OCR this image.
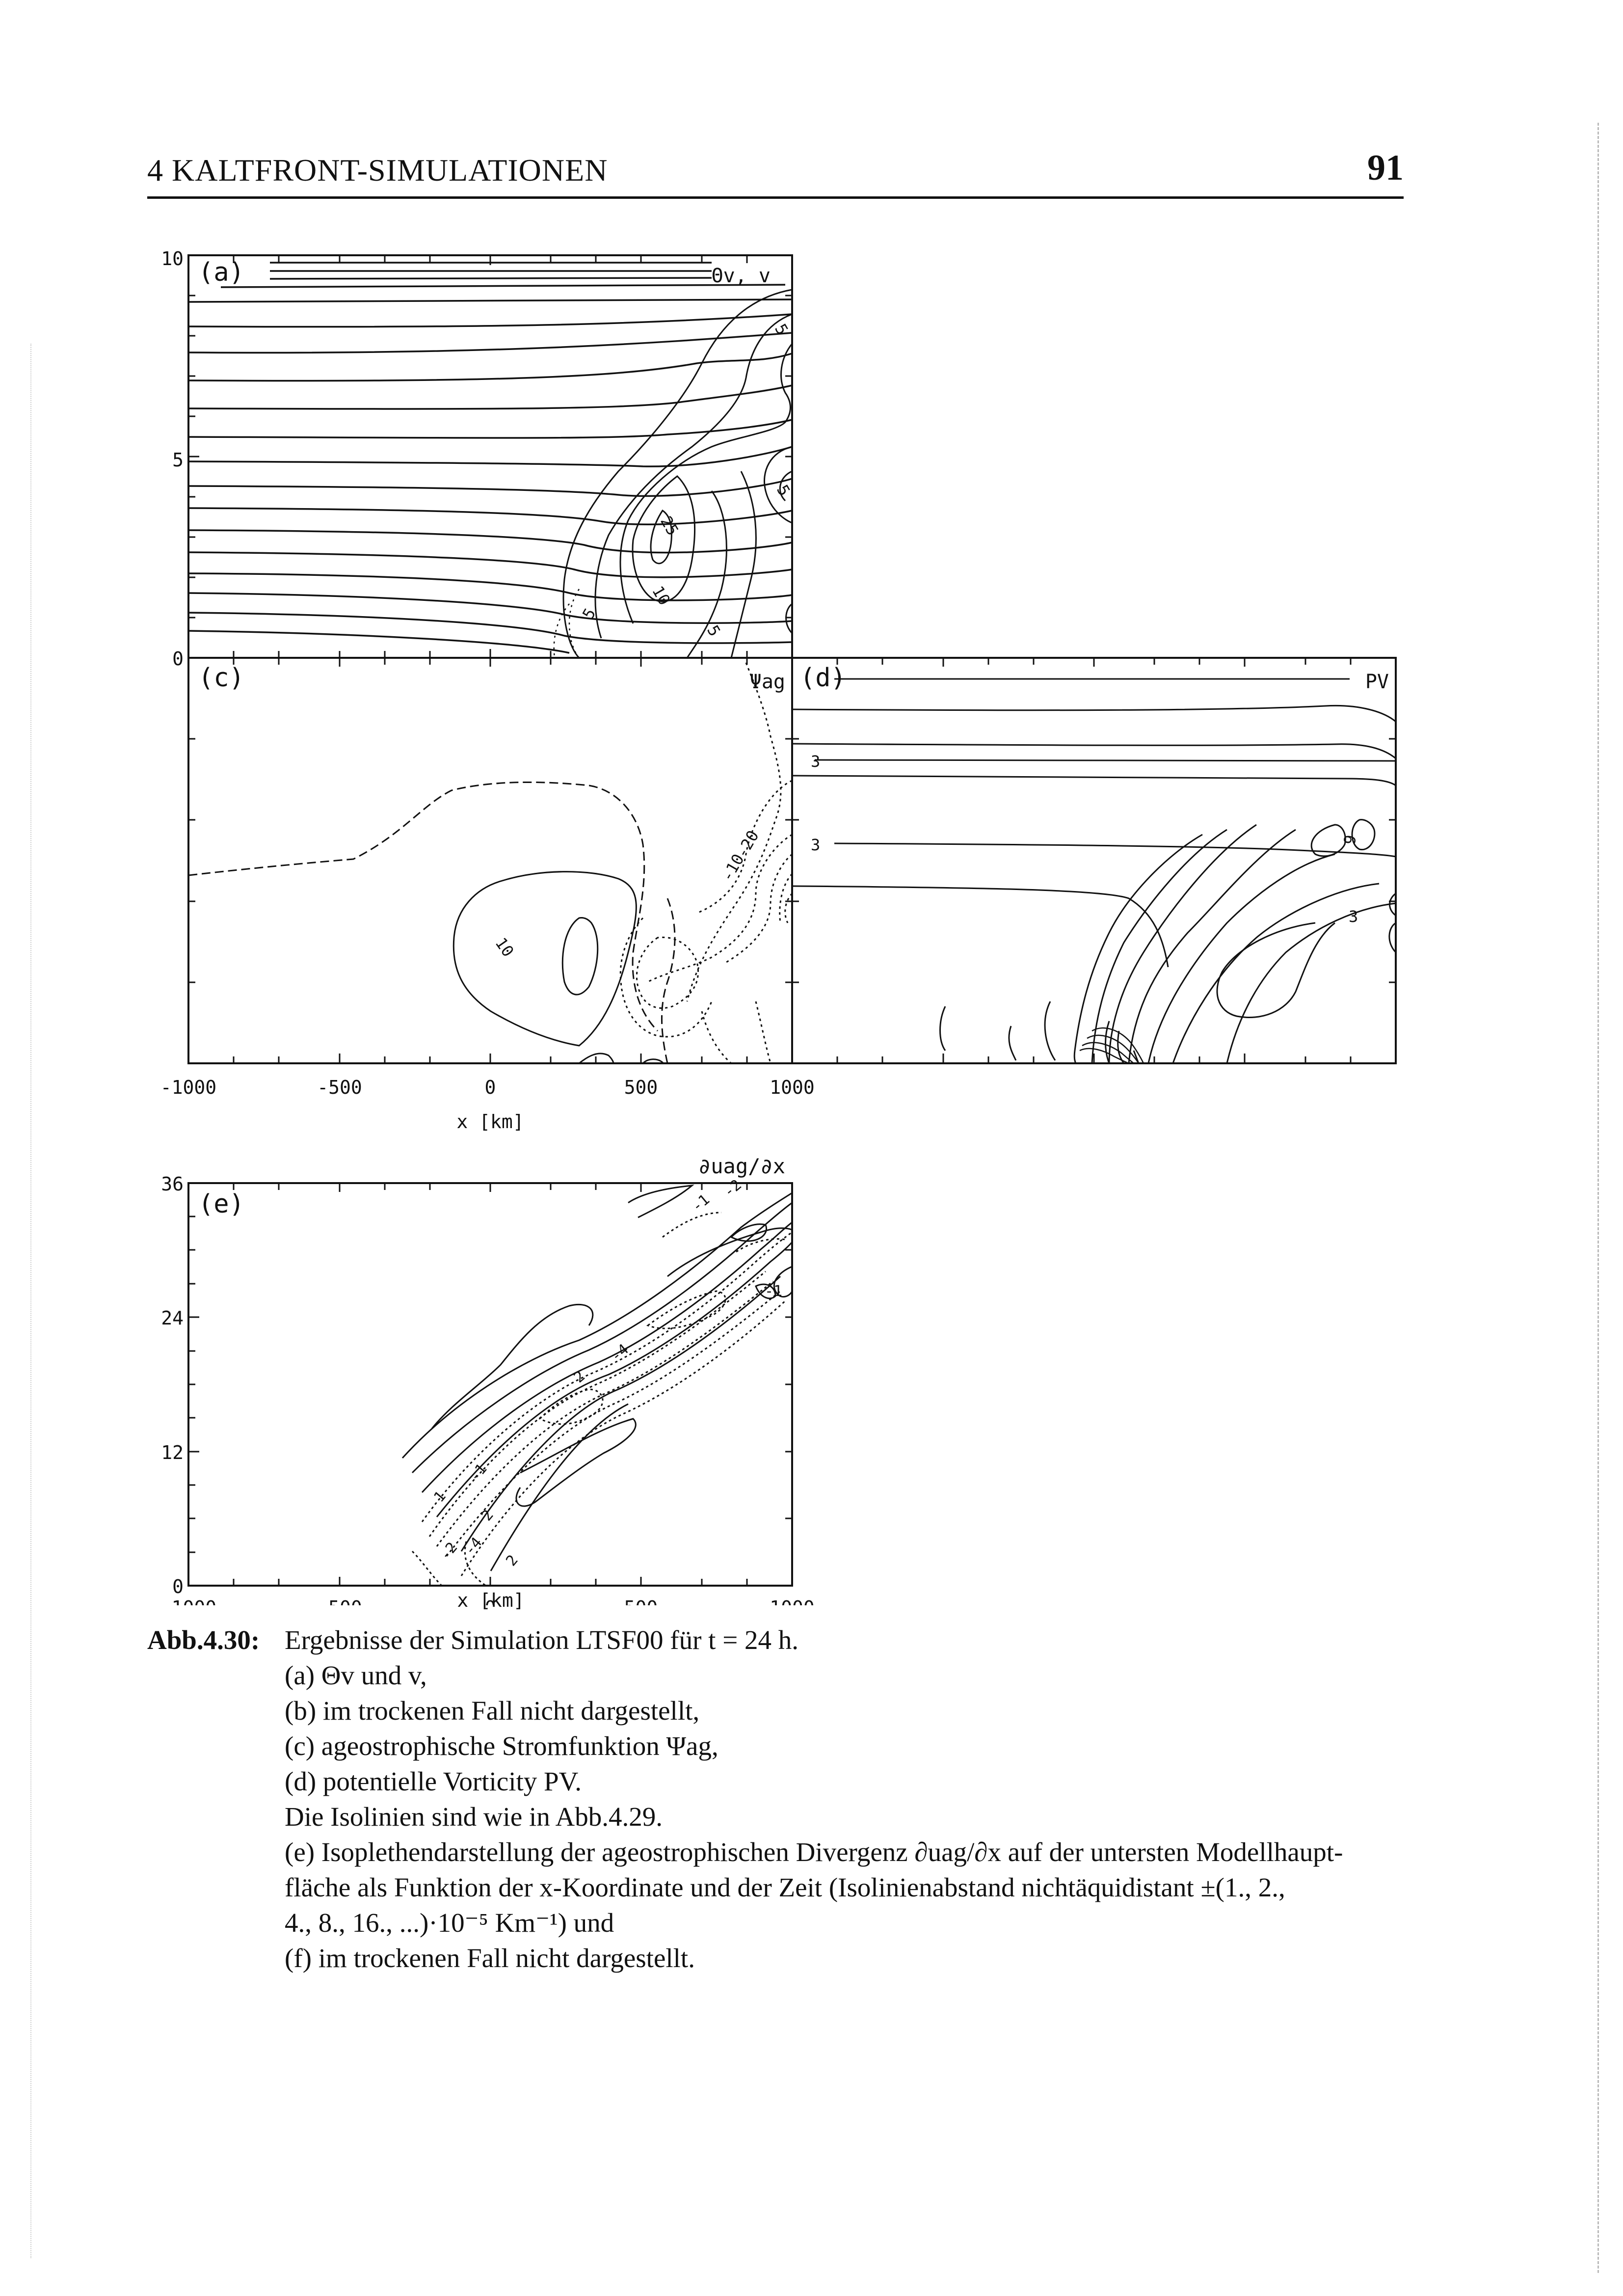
4 KALTFRONT-SIMULATIONEN	91
10
5
0
(a)	Θv, v
5
5
25
10
5
5
(c)	Ψag
10
-10
-20
(d)	PV
3
3
3
9
-1000	-500	0	500	1000
x [km]
36
24
12
0
(e)
∂uag/∂x
-1
-2
-1
2
-4
1
-1
2
-2 -4
2
x [km]
Abb.4.30: Ergebnisse der Simulation LTSF00 für t = 24 h.
(a) Θv und v,
(b) im trockenen Fall nicht dargestellt,
(c) ageostrophische Stromfunktion Ψag,
(d) potentielle Vorticity PV.
Die Isolinien sind wie in Abb.4.29.
(e) Isoplethendarstellung der ageostrophischen Divergenz ∂uag/∂x auf der untersten Modellhaupt-
fläche als Funktion der x-Koordinate und der Zeit (Isolinienabstand nichtäquidistant ±(1., 2.,
4., 8., 16., ...)·10⁻⁵ Km⁻¹) und
(f) im trockenen Fall nicht dargestellt.
